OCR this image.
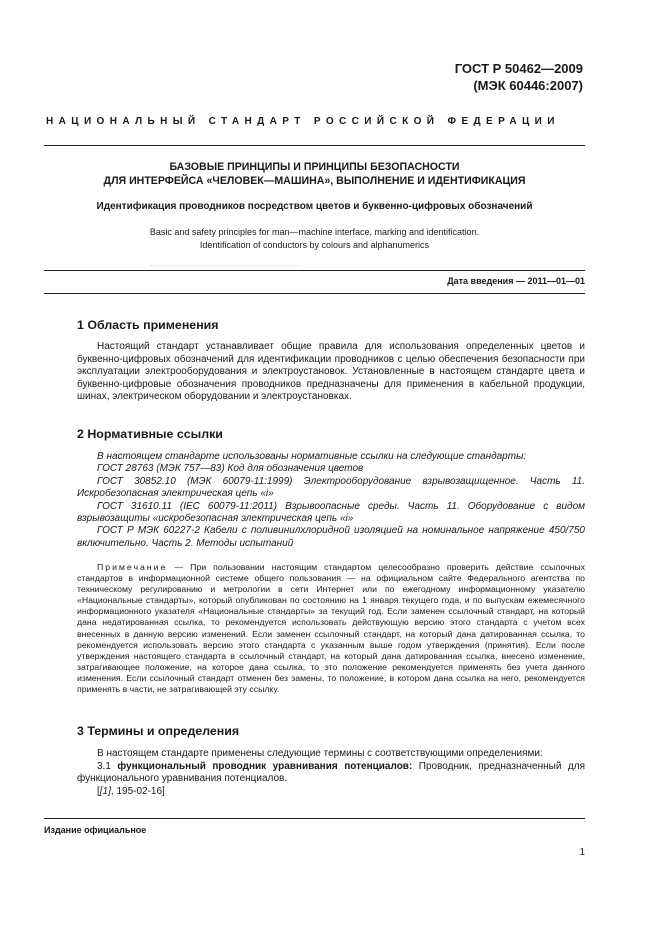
ГОСТ Р 50462—2009
(МЭК 60446:2007)
НАЦИОНАЛЬНЫЙ СТАНДАРТ РОССИЙСКОЙ ФЕДЕРАЦИИ
БАЗОВЫЕ ПРИНЦИПЫ И ПРИНЦИПЫ БЕЗОПАСНОСТИ
ДЛЯ ИНТЕРФЕЙСА «ЧЕЛОВЕК—МАШИНА», ВЫПОЛНЕНИЕ И ИДЕНТИФИКАЦИЯ
Идентификация проводников посредством цветов и буквенно-цифровых обозначений
Basic and safety principles for man—machine interface, marking and identification.
Identification of conductors by colours and alphanumerics
Дата введения — 2011—01—01
1 Область применения

Настоящий стандарт устанавливает общие правила для использования определенных цветов и буквенно-цифровых обозначений для идентификации проводников с целью обеспечения безопасности при эксплуатации электрооборудования и электроустановок. Установленные в настоящем стандарте цвета и буквенно-цифровые обозначения проводников предназначены для применения в кабельной продукции, шинах, электрическом оборудовании и электроустановках.

2 Нормативные ссылки
В настоящем стандарте использованы нормативные ссылки на следующие стандарты:
ГОСТ 28763 (МЭК 757—83) Код для обозначения цветов
ГОСТ 30852.10 (МЭК 60079-11:1999) Электрооборудование взрывозащищенное. Часть 11. Искробезопасная электрическая цепь «i»
ГОСТ 31610.11 (IEC 60079-11:2011) Взрывоопасные среды. Часть 11. Оборудование с видом взрывозащиты «искробезопасная электрическая цепь «i»
ГОСТ Р МЭК 60227-2 Кабели с поливинилхлоридной изоляцией на номинальное напряжение 450/750 включительно. Часть 2. Методы испытаний

Примечание — При пользовании настоящим стандартом целесообразно проверить действие ссылочных стандартов в информационной системе общего пользования — на официальном сайте Федерального агентства по техническому регулированию и метрологии в сети Интернет или по ежегодному информационному указателю «Национальные стандарты», который опубликован по состоянию на 1 января текущего года, и по выпускам ежемесячного информационного указателя «Национальные стандарты» за текущий год. Если заменен ссылочный стандарт, на который дана недатированная ссылка, то рекомендуется использовать действующую версию этого стандарта с учетом всех внесенных в данную версию изменений. Если заменен ссылочный стандарт, на который дана датированная ссылка, то рекомендуется использовать версию этого стандарта с указанным выше годом утверждения (принятия). Если после утверждения настоящего стандарта в ссылочный стандарт, на который дана датированная ссылка, внесено изменение, затрагивающее положение, на которое дана ссылка, то это положение рекомендуется применять без учета данного изменения. Если ссылочный стандарт отменен без замены, то положение, в котором дана ссылка на него, рекомендуется применять в части, не затрагивающей эту ссылку.

3 Термины и определения

В настоящем стандарте применены следующие термины с соответствующими определениями:

3.1 функциональный проводник уравнивания потенциалов: Проводник, предназначенный для функционального уравнивания потенциалов.

[[1], 195-02-16]

Издание официальное
1
